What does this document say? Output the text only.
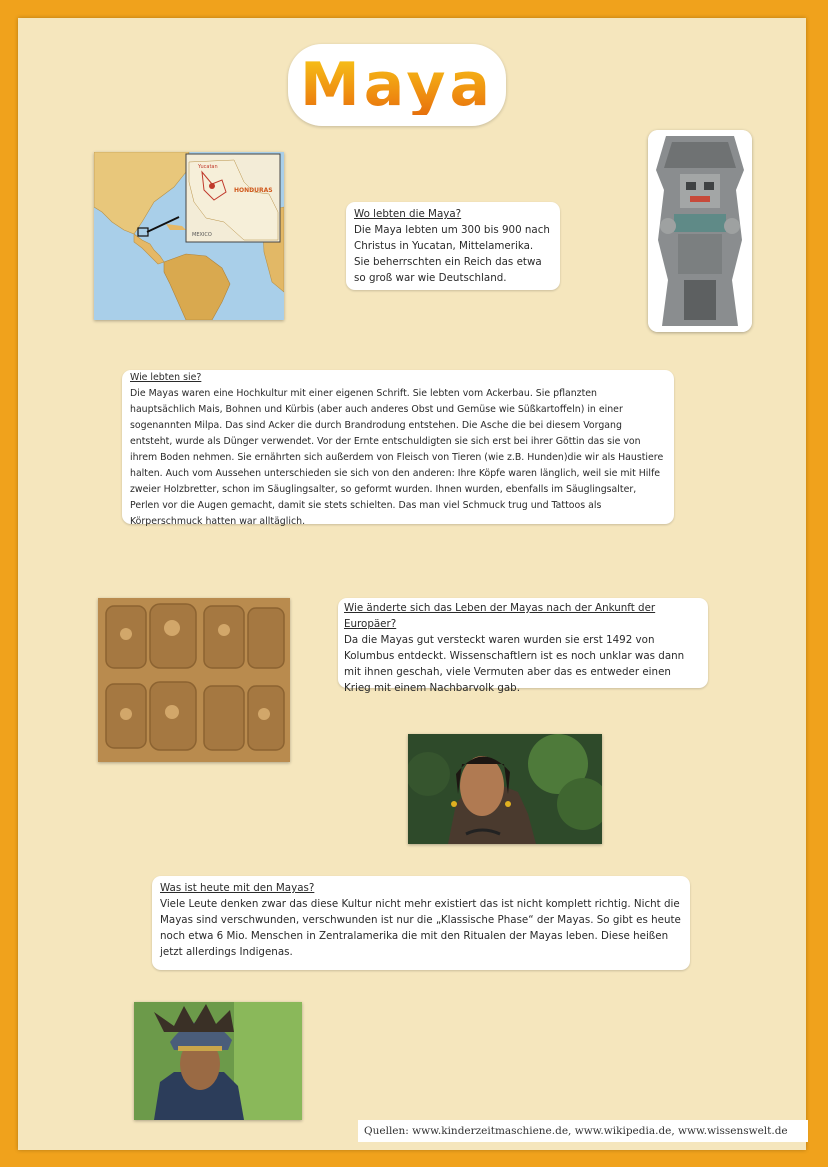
Maya
Yucatan
HONDURAS
MEXICO
Wo lebten die Maya?
Die Maya lebten um 300 bis 900 nach Christus in Yucatan, Mittelamerika. Sie beherrschten ein Reich das etwa so groß war wie Deutschland.
Wie lebten sie?
Die Mayas waren eine Hochkultur mit einer eigenen Schrift. Sie lebten vom Ackerbau. Sie pflanzten hauptsächlich Mais, Bohnen und Kürbis (aber auch anderes Obst und Gemüse wie Süßkartoffeln) in einer sogenannten Milpa. Das sind Acker die durch Brandrodung entstehen. Die Asche die bei diesem Vorgang entsteht, wurde als Dünger verwendet. Vor der Ernte entschuldigten sie sich erst bei ihrer Göttin das sie von ihrem Boden nehmen. Sie ernährten sich außerdem von Fleisch von Tieren (wie z.B. Hunden)die wir als Haustiere halten. Auch vom Aussehen unterschieden sie sich von den anderen: Ihre Köpfe waren länglich, weil sie mit Hilfe zweier Holzbretter, schon im Säuglingsalter, so geformt wurden. Ihnen wurden, ebenfalls im Säuglingsalter, Perlen vor die Augen gemacht, damit sie stets schielten. Das man viel Schmuck trug und Tattoos als Körperschmuck hatten war alltäglich.
Wie änderte sich das Leben der Mayas nach der Ankunft der Europäer?
Da die Mayas gut versteckt waren wurden sie erst 1492 von Kolumbus entdeckt. Wissenschaftlern ist es noch unklar was dann mit ihnen geschah, viele Vermuten aber das es entweder einen Krieg mit einem Nachbarvolk gab.
Was ist heute mit den Mayas?
Viele Leute denken zwar das diese Kultur nicht mehr existiert das ist nicht komplett richtig. Nicht die Mayas sind verschwunden, verschwunden ist nur die „Klassische Phase“ der Mayas. So gibt es heute noch etwa 6 Mio. Menschen in Zentralamerika die mit den Ritualen der Mayas leben. Diese heißen jetzt allerdings Indigenas.
Quellen: www.kinderzeitmaschiene.de, www.wikipedia.de, www.wissenswelt.de
